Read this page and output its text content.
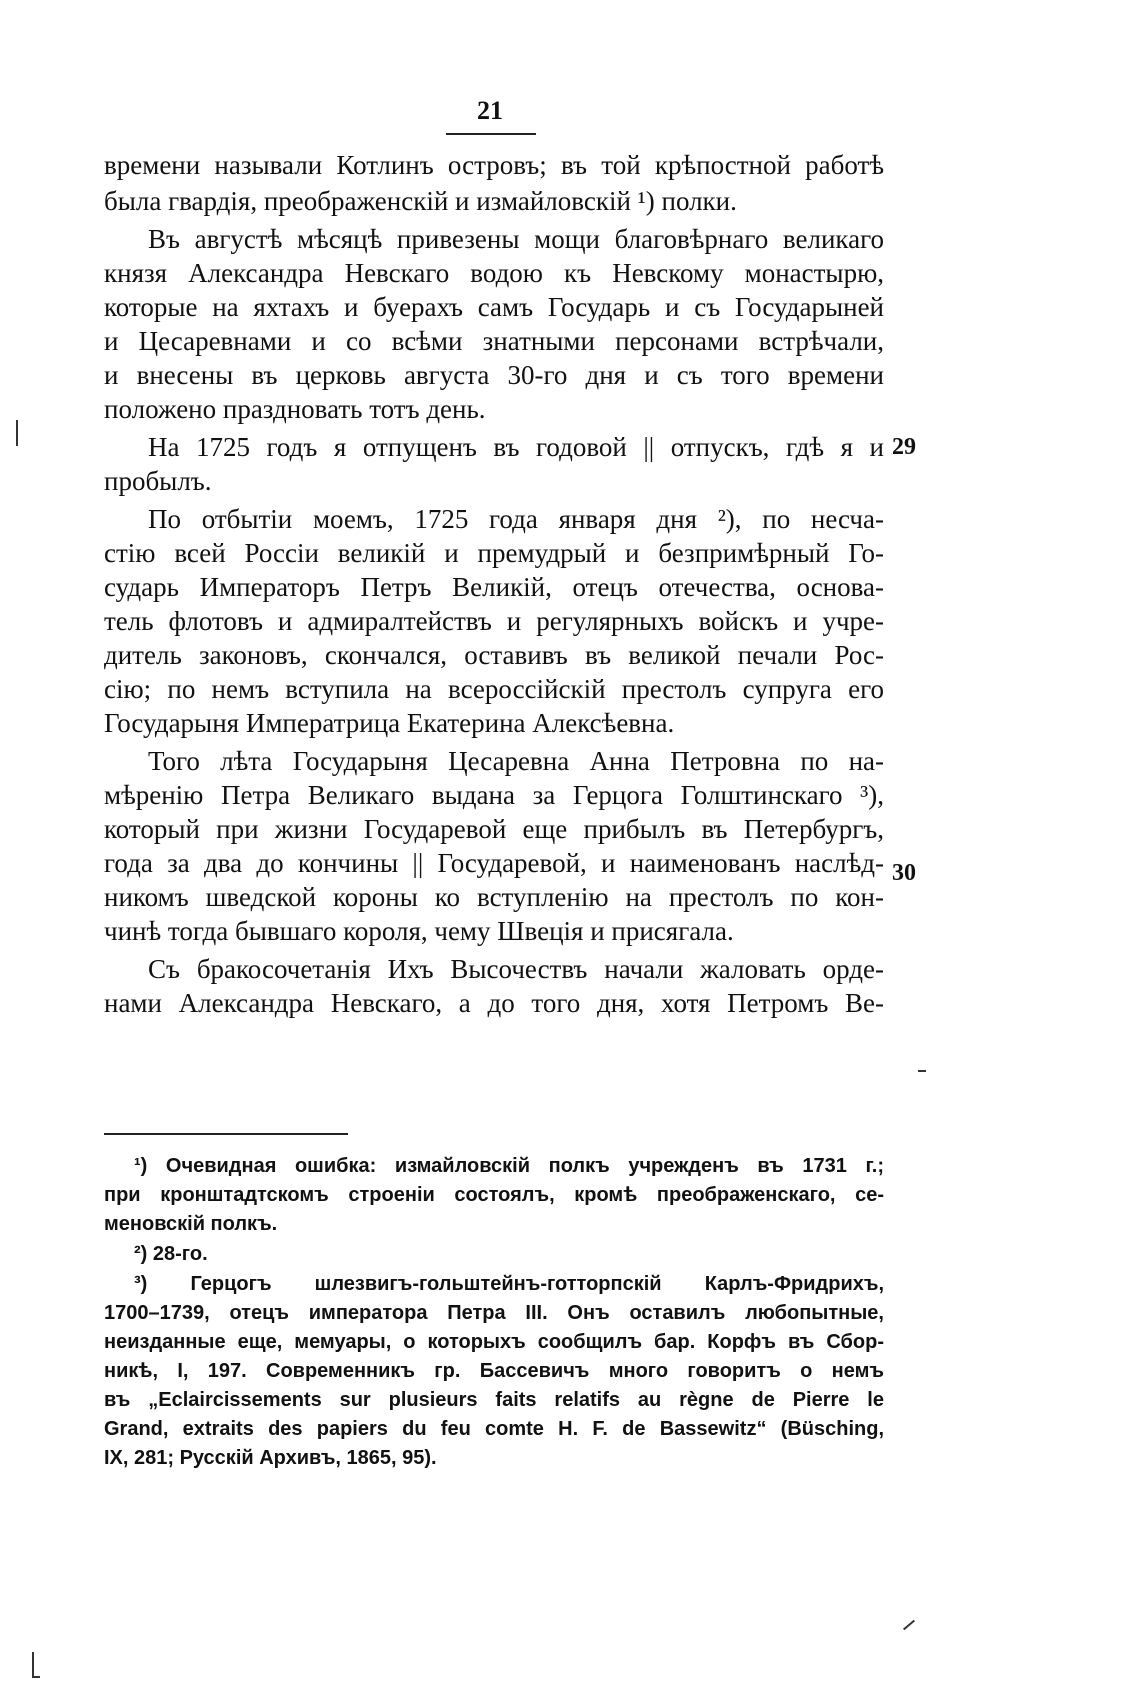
21
времени называли Котлинъ островъ; въ той крѣпостной работѣ
была гвардія, преображенскій и измайловскій ¹) полки.
Въ августѣ мѣсяцѣ привезены мощи благовѣрнаго великаго
князя Александра Невскаго водою къ Невскому монастырю,
которые на яхтахъ и буерахъ самъ Государь и съ Государыней
и Цесаревнами и со всѣми знатными персонами встрѣчали,
и внесены въ церковь августа 30-го дня и съ того времени
положено праздновать тотъ день.
На 1725 годъ я отпущенъ въ годовой || отпускъ, гдѣ я и 29
пробылъ.
По отбытіи моемъ, 1725 года января дня ²), по несча-
стію всей Россіи великій и премудрый и безпримѣрный Го-
сударь Императоръ Петръ Великій, отецъ отечества, основа-
тель флотовъ и адмиралтействъ и регулярныхъ войскъ и учре-
дитель законовъ, скончался, оставивъ въ великой печали Рос-
сію; по немъ вступила на всероссійскій престолъ супруга его
Государыня Императрица Екатерина Алексѣевна.
Того лѣта Государыня Цесаревна Анна Петровна по на-
мѣренію Петра Великаго выдана за Герцога Голштинскаго ³),
который при жизни Государевой еще прибылъ въ Петербургъ,
года за два до кончины || Государевой, и наименованъ наслѣд- 30
никомъ шведской короны ко вступленію на престолъ по кон-
чинѣ тогда бывшаго короля, чему Швеція и присягала.
Съ бракосочетанія Ихъ Высочествъ начали жаловать орде-
нами Александра Невскаго, а до того дня, хотя Петромъ Ве-
¹) Очевидная ошибка: измайловскій полкъ учрежденъ въ 1731 г.;
при кронштадтскомъ строеніи состоялъ, кромѣ преображенскаго, се-
меновскій полкъ.
²) 28-го.
³) Герцогъ шлезвигъ-гольштейнъ-готторпскій Карлъ-Фридрихъ,
1700–1739, отецъ императора Петра III. Онъ оставилъ любопытные,
неизданные еще, мемуары, о которыхъ сообщилъ бар. Корфъ въ Сбор-
никѣ, I, 197. Современникъ гр. Бассевичъ много говоритъ о немъ
въ „Eclaircissements sur plusieurs faits relatifs au règne de Pierre le
Grand, extraits des papiers du feu comte H. F. de Bassewitz“ (Büsching,
IX, 281; Русскій Архивъ, 1865, 95).
